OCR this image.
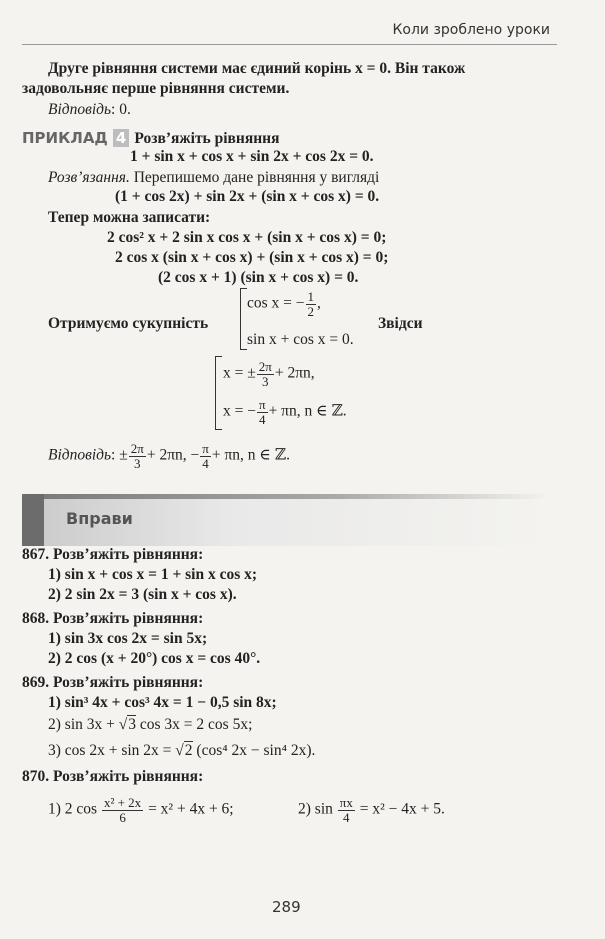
Коли зроблено уроки
Друге рівняння системи має єдиний корінь x = 0. Він також
задовольняє перше рівняння системи.
Відповідь: 0.
ПРИКЛАД 4 Розв’яжіть рівняння
1 + sin x + cos x + sin 2x + cos 2x = 0.
Розв’язання. Перепишемо дане рівняння у вигляді
(1 + cos 2x) + sin 2x + (sin x + cos x) = 0.
Тепер можна записати:
2 cos² x + 2 sin x cos x + (sin x + cos x) = 0;
2 cos x (sin x + cos x) + (sin x + cos x) = 0;
(2 cos x + 1) (sin x + cos x) = 0.
Отримуємо сукупність
cos x = − $\frac{1}{2}$ ,
sin x + cos x = 0.
Звідси
x = ± $\frac{2\pi}{3} + 2\pi n$,
x = − $\frac{\pi}{4} + \pi n$, n ∈ ℤ.
Відповідь: ± $\frac{2\pi}{3} + 2\pi n$, − $\frac{\pi}{4} + \pi n$, n ∈ ℤ.
Вправи
867. Розв’яжіть рівняння:
1) sin x + cos x = 1 + sin x cos x;
2) 2 sin 2x = 3 (sin x + cos x).
868. Розв’яжіть рівняння:
1) sin 3x cos 2x = sin 5x;
2) 2 cos (x + 20°) cos x = cos 40°.
869. Розв’яжіть рівняння:
1) sin³ 4x + cos³ 4x = 1 − 0,5 sin 8x;
2) sin 3x + √3 cos 3x = 2 cos 5x;
3) cos 2x + sin 2x = √2 (cos⁴ 2x − sin⁴ 2x).
870. Розв’яжіть рівняння:
1) 2 $\cos \frac{\text{x² + 2x}}{6} = x^2 + 4x + 6$;	2) $\sin \frac{\pi x}{4} = x^2 - 4x + 5$.
289
